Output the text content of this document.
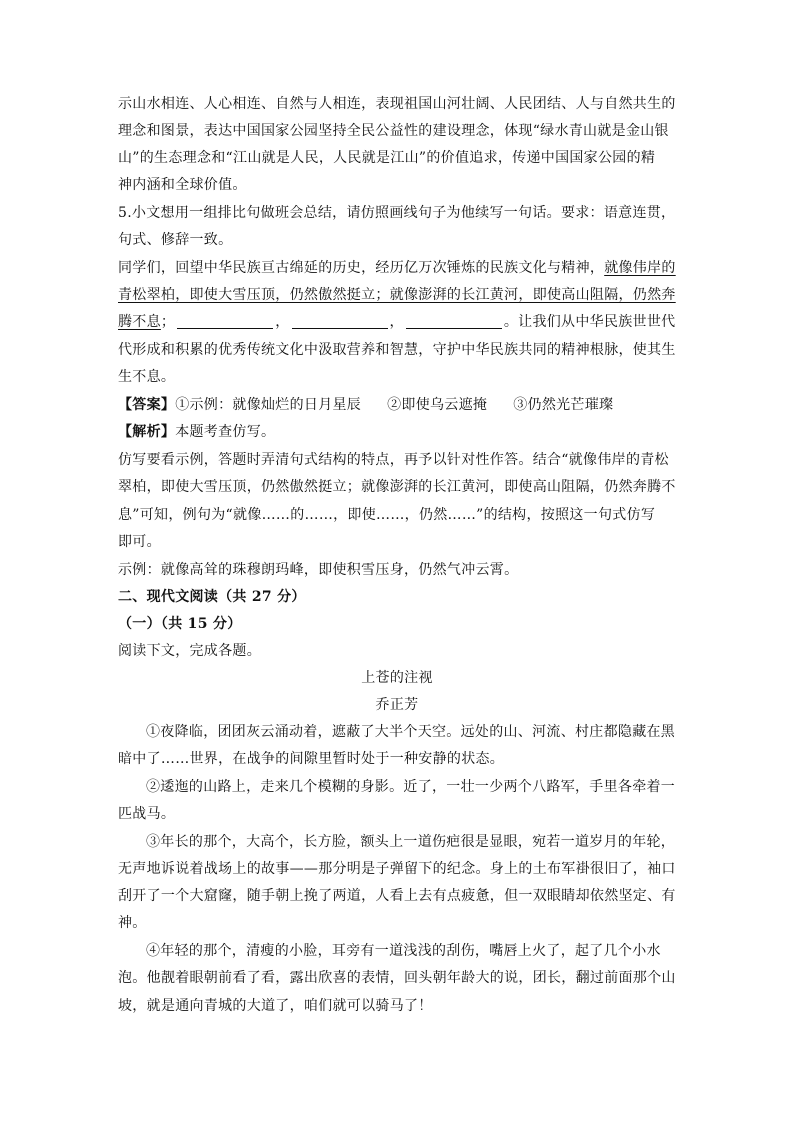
示山水相连、人心相连、自然与人相连，表现祖国山河壮阔、人民团结、人与自然共生的
理念和图景，表达中国国家公园坚持全民公益性的建设理念，体现“绿水青山就是金山银
山”的生态理念和“江山就是人民，人民就是江山”的价值追求，传递中国国家公园的精
神内涵和全球价值。
5.小文想用一组排比句做班会总结，请仿照画线句子为他续写一句话。要求：语意连贯，
句式、修辞一致。
同学们，回望中华民族亘古绵延的历史，经历亿万次锤炼的民族文化与精神，就像伟岸的
青松翠柏，即使大雪压顶，仍然傲然挺立；就像澎湃的长江黄河，即使高山阻隔，仍然奔
腾不息；	，	，	。让我们从中华民族世世代
代形成和积累的优秀传统文化中汲取营养和智慧，守护中华民族共同的精神根脉，使其生
生不息。
【答案】①示例：就像灿烂的日月星辰 ②即使乌云遮掩 ③仍然光芒璀璨
【解析】本题考查仿写。
仿写要看示例，答题时弄清句式结构的特点，再予以针对性作答。结合“就像伟岸的青松
翠柏，即使大雪压顶，仍然傲然挺立；就像澎湃的长江黄河，即使高山阻隔，仍然奔腾不
息”可知，例句为“就像……的……，即使……，仍然……”的结构，按照这一句式仿写
即可。
示例：就像高耸的珠穆朗玛峰，即使积雪压身，仍然气冲云霄。
二、现代文阅读（共 27 分）
（一）（共 15 分）
阅读下文，完成各题。
上苍的注视
乔正芳
①夜降临，团团灰云涌动着，遮蔽了大半个天空。远处的山、河流、村庄都隐藏在黑
暗中了……世界，在战争的间隙里暂时处于一种安静的状态。
②逶迤的山路上，走来几个模糊的身影。近了，一壮一少两个八路军，手里各牵着一
匹战马。
③年长的那个，大高个，长方脸，额头上一道伤疤很是显眼，宛若一道岁月的年轮，
无声地诉说着战场上的故事——那分明是子弹留下的纪念。身上的土布军褂很旧了，袖口
刮开了一个大窟窿，随手朝上挽了两道，人看上去有点疲惫，但一双眼睛却依然坚定、有
神。
④年轻的那个，清瘦的小脸，耳旁有一道浅浅的刮伤，嘴唇上火了，起了几个小水
泡。他靓着眼朝前看了看，露出欣喜的表情，回头朝年龄大的说，团长，翻过前面那个山
坡，就是通向青城的大道了，咱们就可以骑马了！
